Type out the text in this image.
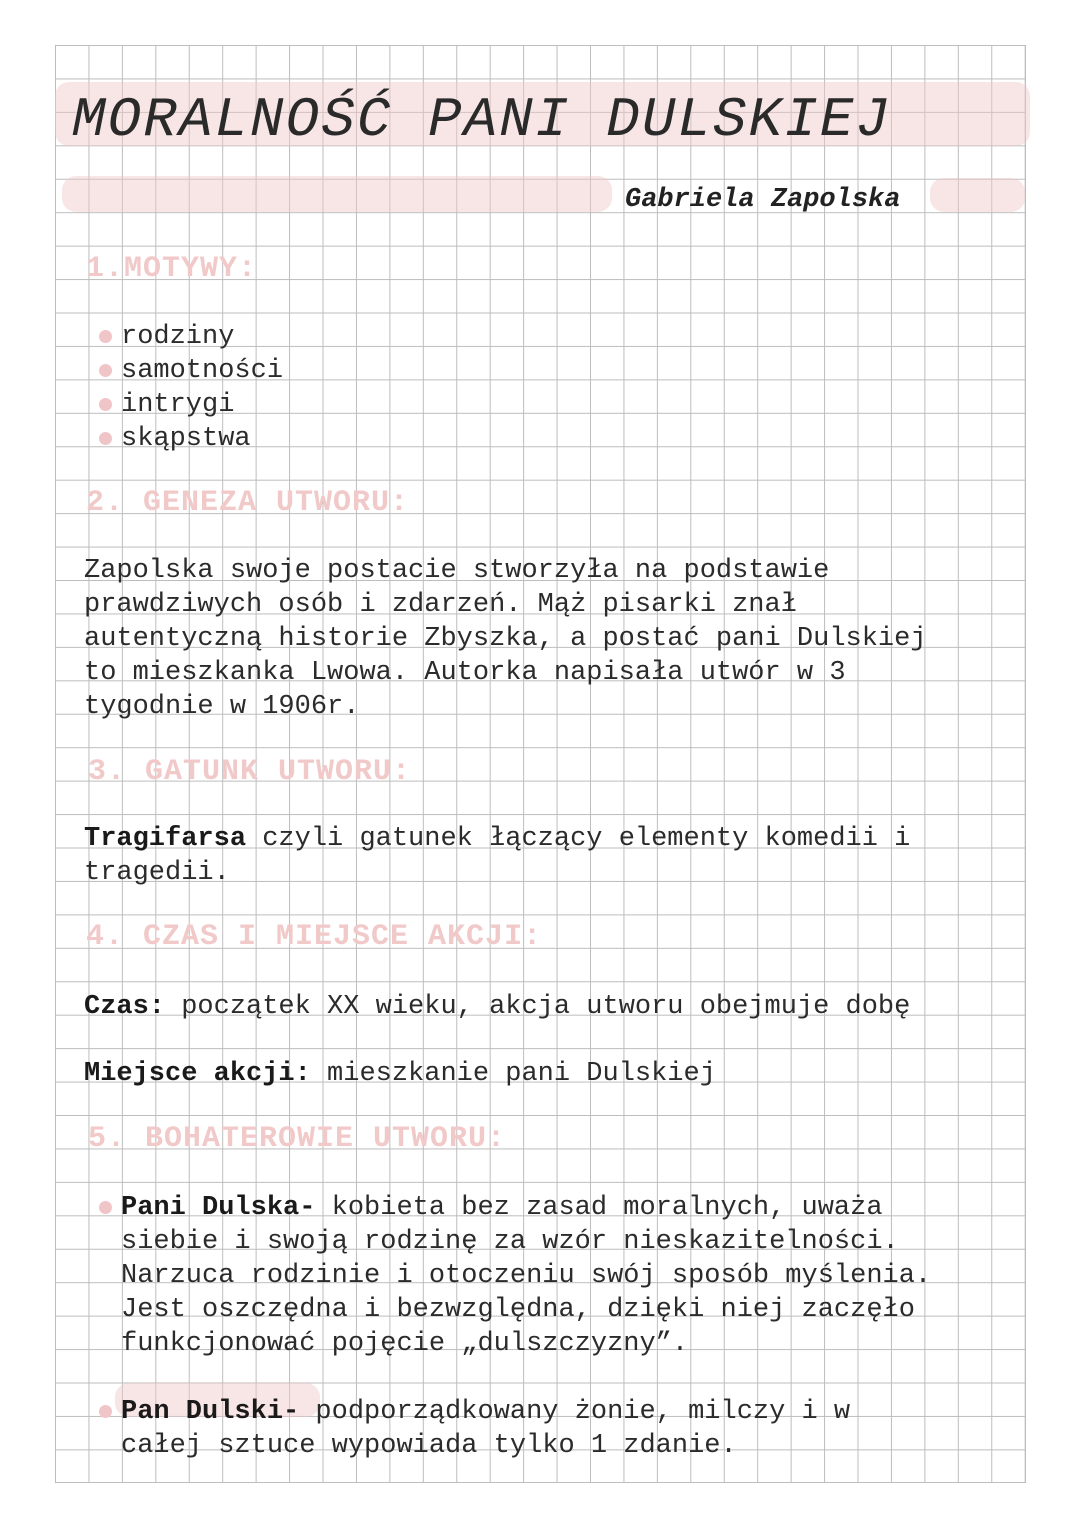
MORALNOŚĆ PANI DULSKIEJ
Gabriela Zapolska
1.MOTYWY:
rodziny
samotności
intrygi
skąpstwa
2. GENEZA UTWORU:
Zapolska swoje postacie stworzyła na podstawie
prawdziwych osób i zdarzeń. Mąż pisarki znał
autentyczną historie Zbyszka, a postać pani Dulskiej
to mieszkanka Lwowa. Autorka napisała utwór w 3
tygodnie w 1906r.
3. GATUNK UTWORU:
Tragifarsa czyli gatunek łączący elementy komedii i
tragedii.
4. CZAS I MIEJSCE AKCJI:
Czas: początek XX wieku, akcja utworu obejmuje dobę
Miejsce akcji: mieszkanie pani Dulskiej
5. BOHATEROWIE UTWORU:
Pani Dulska- kobieta bez zasad moralnych, uważa
siebie i swoją rodzinę za wzór nieskazitelności.
Narzuca rodzinie i otoczeniu swój sposób myślenia.
Jest oszczędna i bezwzględna, dzięki niej zaczęło
funkcjonować pojęcie „dulszczyzny”.
Pan Dulski- podporządkowany żonie, milczy i w
całej sztuce wypowiada tylko 1 zdanie.
